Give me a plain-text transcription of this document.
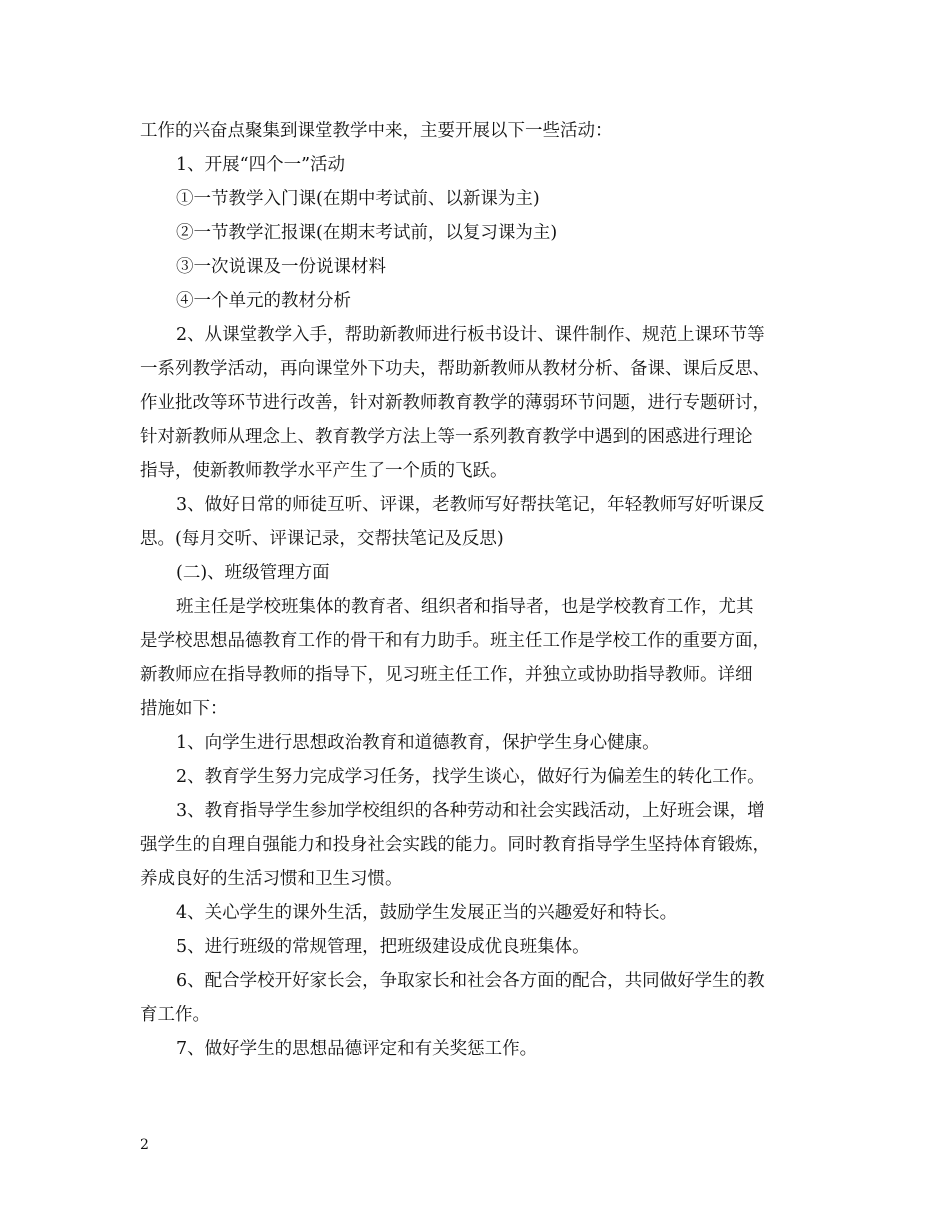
工作的兴奋点聚集到课堂教学中来，主要开展以下一些活动：
1、开展“四个一”活动
①一节教学入门课(在期中考试前、以新课为主)
②一节教学汇报课(在期末考试前，以复习课为主)
③一次说课及一份说课材料
④一个单元的教材分析
2、从课堂教学入手，帮助新教师进行板书设计、课件制作、规范上课环节等
一系列教学活动，再向课堂外下功夫，帮助新教师从教材分析、备课、课后反思、
作业批改等环节进行改善，针对新教师教育教学的薄弱环节问题，进行专题研讨，
针对新教师从理念上、教育教学方法上等一系列教育教学中遇到的困惑进行理论
指导，使新教师教学水平产生了一个质的飞跃。
3、做好日常的师徒互听、评课，老教师写好帮扶笔记，年轻教师写好听课反
思。(每月交听、评课记录，交帮扶笔记及反思)
(二)、班级管理方面
班主任是学校班集体的教育者、组织者和指导者，也是学校教育工作，尤其
是学校思想品德教育工作的骨干和有力助手。班主任工作是学校工作的重要方面，
新教师应在指导教师的指导下，见习班主任工作，并独立或协助指导教师。详细
措施如下：
1、向学生进行思想政治教育和道德教育，保护学生身心健康。
2、教育学生努力完成学习任务，找学生谈心，做好行为偏差生的转化工作。
3、教育指导学生参加学校组织的各种劳动和社会实践活动，上好班会课，增
强学生的自理自强能力和投身社会实践的能力。同时教育指导学生坚持体育锻炼，
养成良好的生活习惯和卫生习惯。
4、关心学生的课外生活，鼓励学生发展正当的兴趣爱好和特长。
5、进行班级的常规管理，把班级建设成优良班集体。
6、配合学校开好家长会，争取家长和社会各方面的配合，共同做好学生的教
育工作。
7、做好学生的思想品德评定和有关奖惩工作。
2
